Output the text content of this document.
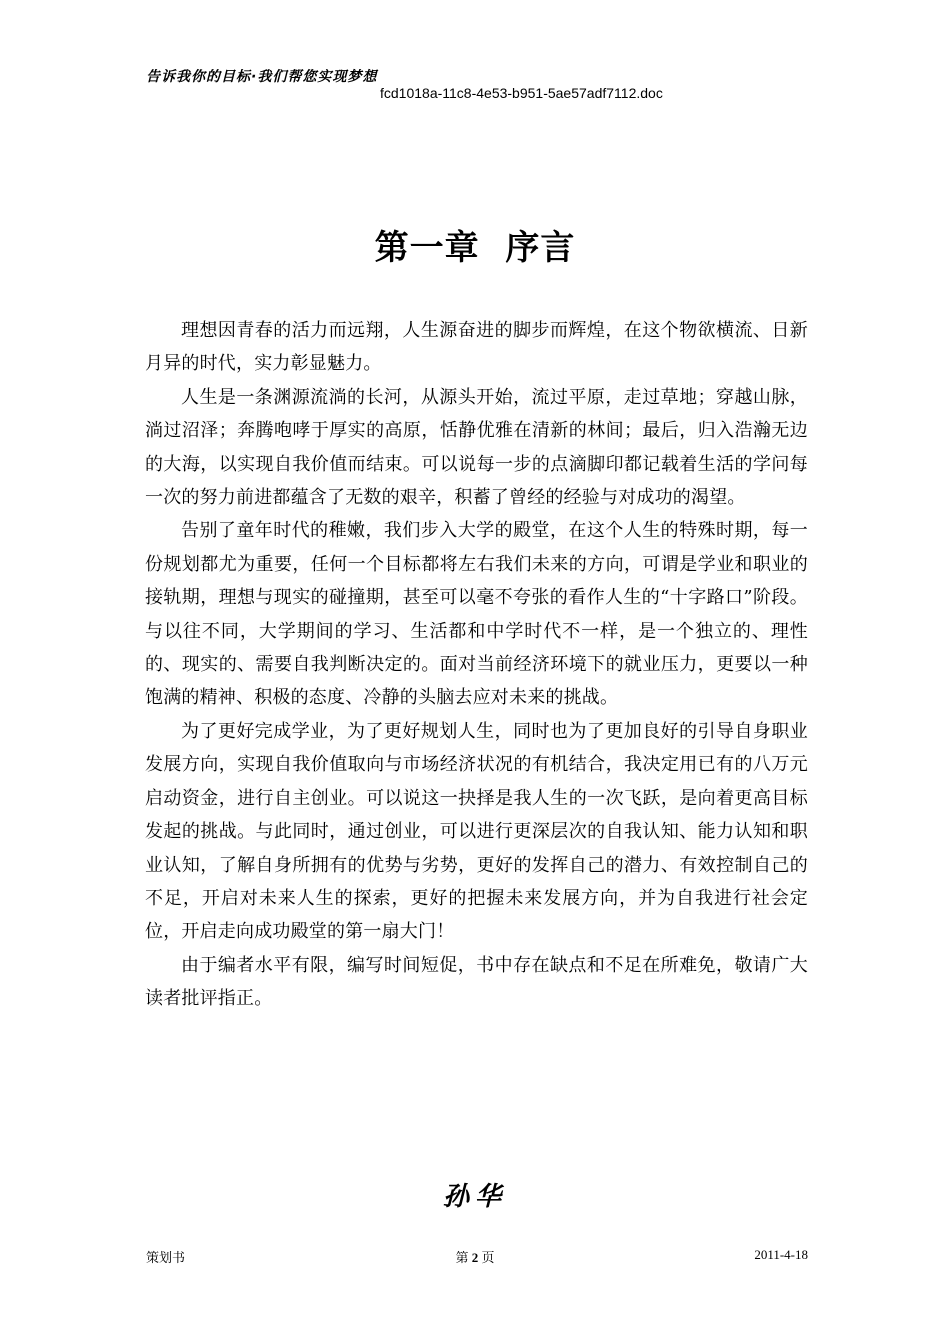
告诉我你的目标·我们帮您实现梦想
fcd1018a-11c8-4e53-b951-5ae57adf7112.doc
第一章  序言

理想因青春的活力而远翔，人生源奋进的脚步而辉煌，在这个物欲横流、日新月异的时代，实力彰显魅力。

人生是一条渊源流淌的长河，从源头开始，流过平原，走过草地；穿越山脉，淌过沼泽；奔腾咆哮于厚实的高原，恬静优雅在清新的林间；最后，归入浩瀚无边的大海，以实现自我价值而结束。可以说每一步的点滴脚印都记载着生活的学问每一次的努力前进都蕴含了无数的艰辛，积蓄了曾经的经验与对成功的渴望。

告别了童年时代的稚嫩，我们步入大学的殿堂，在这个人生的特殊时期，每一份规划都尤为重要，任何一个目标都将左右我们未来的方向，可谓是学业和职业的接轨期，理想与现实的碰撞期，甚至可以毫不夸张的看作人生的“十字路口”阶段。与以往不同，大学期间的学习、生活都和中学时代不一样，是一个独立的、理性的、现实的、需要自我判断决定的。面对当前经济环境下的就业压力，更要以一种饱满的精神、积极的态度、冷静的头脑去应对未来的挑战。

为了更好完成学业，为了更好规划人生，同时也为了更加良好的引导自身职业发展方向，实现自我价值取向与市场经济状况的有机结合，我决定用已有的八万元启动资金，进行自主创业。可以说这一抉择是我人生的一次飞跃，是向着更高目标发起的挑战。与此同时，通过创业，可以进行更深层次的自我认知、能力认知和职业认知，了解自身所拥有的优势与劣势，更好的发挥自己的潜力、有效控制自己的不足，开启对未来人生的探索，更好的把握未来发展方向，并为自我进行社会定位，开启走向成功殿堂的第一扇大门！

由于编者水平有限，编写时间短促，书中存在缺点和不足在所难免，敬请广大读者批评指正。

孙华
策划书	第 2 页	2011-4-18
